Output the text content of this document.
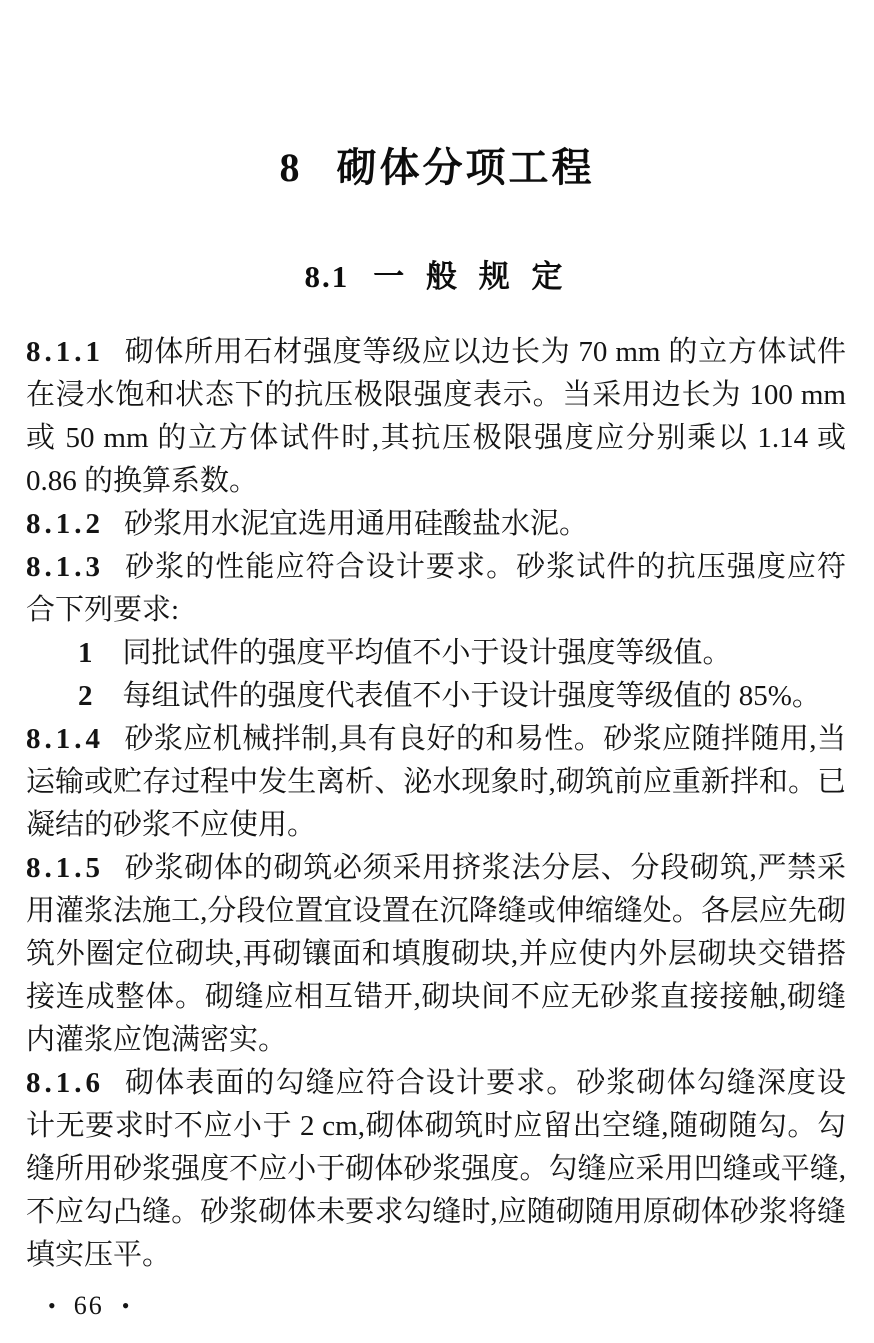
8 砌体分项工程
8.1 一 般 规 定

8.1.1 砌体所用石材强度等级应以边长为 70 mm 的立方体试件在浸水饱和状态下的抗压极限强度表示。当采用边长为 100 mm 或 50 mm 的立方体试件时,其抗压极限强度应分别乘以 1.14 或 0.86 的换算系数。

8.1.2 砂浆用水泥宜选用通用硅酸盐水泥。

8.1.3 砂浆的性能应符合设计要求。砂浆试件的抗压强度应符合下列要求:

1 同批试件的强度平均值不小于设计强度等级值。

2 每组试件的强度代表值不小于设计强度等级值的 85%。

8.1.4 砂浆应机械拌制,具有良好的和易性。砂浆应随拌随用,当运输或贮存过程中发生离析、泌水现象时,砌筑前应重新拌和。已凝结的砂浆不应使用。

8.1.5 砂浆砌体的砌筑必须采用挤浆法分层、分段砌筑,严禁采用灌浆法施工,分段位置宜设置在沉降缝或伸缩缝处。各层应先砌筑外圈定位砌块,再砌镶面和填腹砌块,并应使内外层砌块交错搭接连成整体。砌缝应相互错开,砌块间不应无砂浆直接接触,砌缝内灌浆应饱满密实。

8.1.6 砌体表面的勾缝应符合设计要求。砂浆砌体勾缝深度设计无要求时不应小于 2 cm,砌体砌筑时应留出空缝,随砌随勾。勾缝所用砂浆强度不应小于砌体砂浆强度。勾缝应采用凹缝或平缝,不应勾凸缝。砂浆砌体未要求勾缝时,应随砌随用原砌体砂浆将缝填实压平。

• 66 •
